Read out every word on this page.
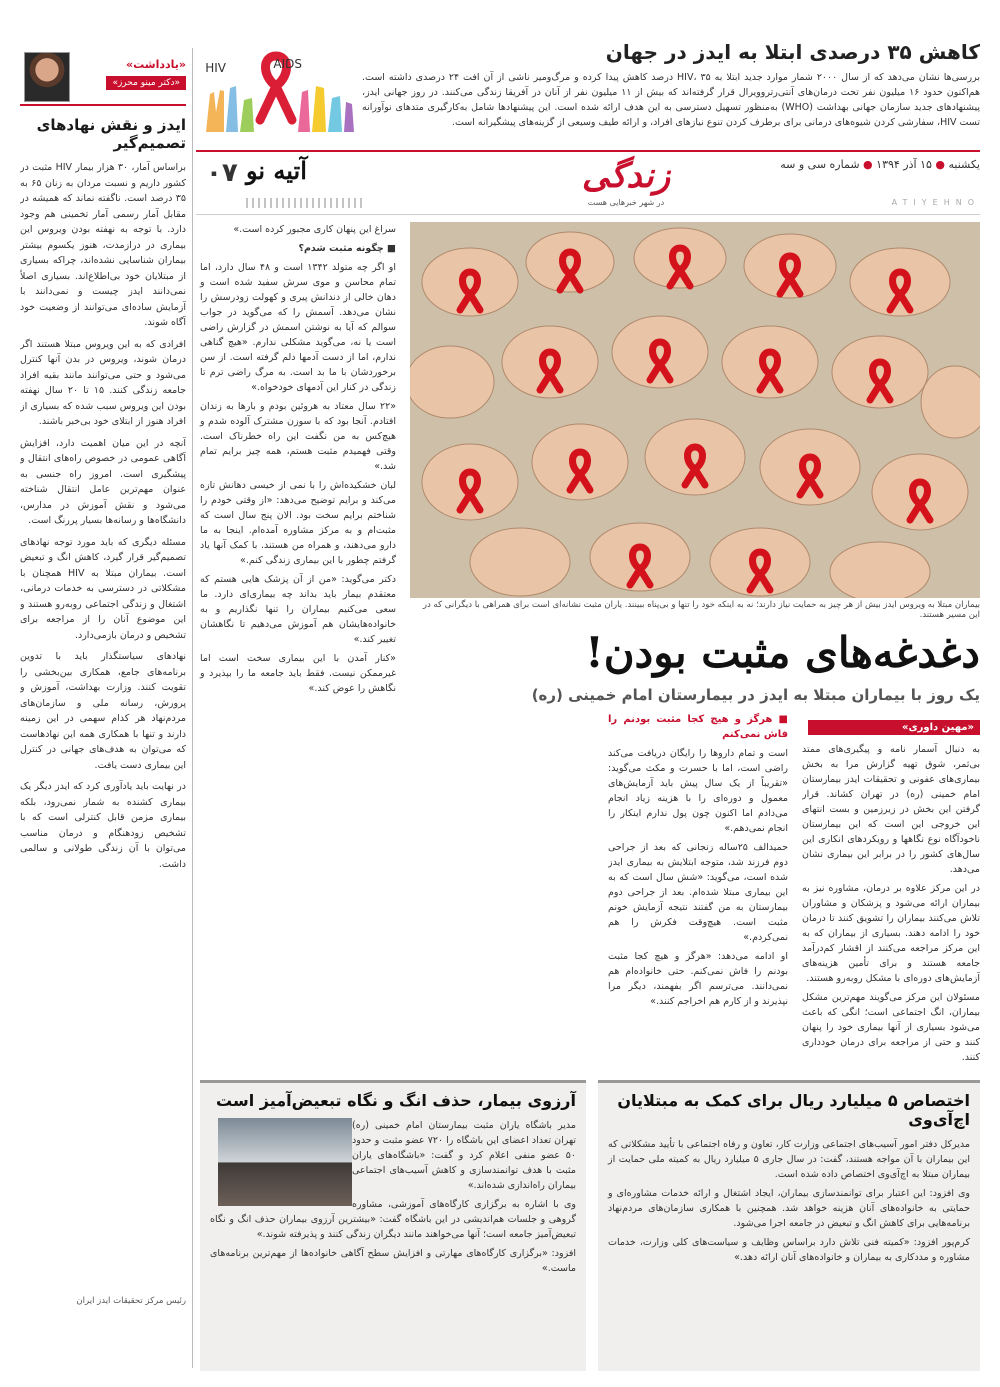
«یادداشت»
«دکتر مینو محرز»
ایدز و نقش نهادهای تصمیم‌گیر

براساس آمار، ۳۰ هزار بیمار HIV مثبت در کشور داریم و نسبت مردان به زنان ۶۵ به ۳۵ درصد است. ناگفته نماند که همیشه در مقابل آمار رسمی آمار تخمینی هم وجود دارد. با توجه به نهفته بودن ویروس این بیماری در درازمدت، هنوز یکسوم بیشتر بیماران شناسایی نشده‌اند، چراکه بسیاری از مبتلایان خود بی‌اطلاع‌اند. بسیاری اصلاً نمی‌دانند ایدز چیست و نمی‌دانند با آزمایش ساده‌ای می‌توانند از وضعیت خود آگاه شوند.

افرادی که به این ویروس مبتلا هستند اگر درمان شوند، ویروس در بدن آنها کنترل می‌شود و حتی می‌توانند مانند بقیه افراد جامعه زندگی کنند. ۱۵ تا ۲۰ سال نهفته بودن این ویروس سبب شده که بسیاری از افراد هنوز از ابتلای خود بی‌خبر باشند.

آنچه در این میان اهمیت دارد، افزایش آگاهی عمومی در خصوص راه‌های انتقال و پیشگیری است. امروز راه جنسی به عنوان مهم‌ترین عامل انتقال شناخته می‌شود و نقش آموزش در مدارس، دانشگاه‌ها و رسانه‌ها بسیار پررنگ است.

مسئله دیگری که باید مورد توجه نهادهای تصمیم‌گیر قرار گیرد، کاهش انگ و تبعیض است. بیماران مبتلا به HIV همچنان با مشکلاتی در دسترسی به خدمات درمانی، اشتغال و زندگی اجتماعی روبه‌رو هستند و این موضوع آنان را از مراجعه برای تشخیص و درمان بازمی‌دارد.

نهادهای سیاستگذار باید با تدوین برنامه‌های جامع، همکاری بین‌بخشی را تقویت کنند. وزارت بهداشت، آموزش و پرورش، رسانه ملی و سازمان‌های مردم‌نهاد هر کدام سهمی در این زمینه دارند و تنها با همکاری همه این نهادهاست که می‌توان به هدف‌های جهانی در کنترل این بیماری دست یافت.

در نهایت باید یادآوری کرد که ایدز دیگر یک بیماری کشنده به شمار نمی‌رود، بلکه بیماری مزمن قابل کنترلی است که با تشخیص زودهنگام و درمان مناسب می‌توان با آن زندگی طولانی و سالمی داشت.

رئیس مرکز تحقیقات ایدز ایران
کاهش ۳۵ درصدی ابتلا به ایدز در جهان
بررسی‌ها نشان می‌دهد که از سال ۲۰۰۰ شمار موارد جدید ابتلا به HIV، ۳۵ درصد کاهش پیدا کرده و مرگ‌ومیر ناشی از آن افت ۲۴ درصدی داشته است. هم‌اکنون حدود ۱۶ میلیون نفر تحت درمان‌های آنتی‌رتروویرال قرار گرفته‌اند که بیش از ۱۱ میلیون نفر از آنان در آفریقا زندگی می‌کنند. در روز جهانی ایدز، پیشنهادهای جدید سازمان جهانی بهداشت (WHO) به‌منظور تسهیل دسترسی به این هدف ارائه شده است. این پیشنهادها شامل به‌کارگیری متدهای نوآورانه تست HIV، سفارشی کردن شیوه‌های درمانی برای برطرف کردن تنوع نیازهای افراد، و ارائه طیف وسیعی از گزینه‌های پیشگیرانه است.
HIV	AIDS
یکشنبه ● ۱۵ آذر ۱۳۹۴ ● شماره سی و سه
زندگی
در شهر خبرهایی هست
آتیه نو
۰۷
ATIYEHNO
بیماران مبتلا به ویروس ایدز بیش از هر چیز به حمایت نیاز دارند؛ نه به اینکه خود را تنها و بی‌پناه ببینند. یاران مثبت نشانه‌ای است برای همراهی با دیگرانی که در این مسیر هستند.

سراغ این پنهان کاری مجبور کرده است.»

■ چگونه مثبت شدم؟

او اگر چه متولد ۱۳۴۲ است و ۴۸ سال دارد، اما تمام محاسن و موی سرش سفید شده است و دهان خالی از دندانش پیری و کهولت زودرسش را نشان می‌دهد. آسمش را که می‌گوید در جواب سوالم که آیا به نوشتن اسمش در گزارش راضی است یا نه، می‌گوید مشکلی ندارم. «هیچ گناهی ندارم، اما از دست آدمها دلم گرفته است. از سن برخوردشان با ما بد است. به مرگ راضی ترم تا زندگی در کنار این آدمهای خودخواه.»

«۲۲ سال معتاد به هروئین بودم و بارها به زندان افتادم. آنجا بود که با سوزن مشترک آلوده شدم و هیچ‌کس به من نگفت این راه خطرناک است. وقتی فهمیدم مثبت هستم، همه چیز برایم تمام شد.»

لبان خشکیده‌اش را با نمی از خیسی دهانش تازه می‌کند و برایم توضیح می‌دهد: «از وقتی خودم را شناختم برایم سخت بود. الان پنج سال است که مثبت‌ام و به مرکز مشاوره آمده‌ام. اینجا به ما دارو می‌دهند، و همراه من هستند. با کمک آنها یاد گرفتم چطور با این بیماری زندگی کنم.»

دکتر می‌گوید: «من از آن پزشک هایی هستم که معتقدم بیمار باید بداند چه بیماری‌ای دارد. ما سعی می‌کنیم بیماران را تنها نگذاریم و به خانواده‌هایشان هم آموزش می‌دهیم تا نگاهشان تغییر کند.»

«کنار آمدن با این بیماری سخت است اما غیرممکن نیست. فقط باید جامعه ما را بپذیرد و نگاهش را عوض کند.»

دغدغه‌های مثبت بودن!
یک روز با بیماران مبتلا به ایدز در بیمارستان امام خمینی (ره)
«مهین داوری»

به دنبال آسمار نامه و پیگیری‌های ممتد بی‌ثمر، شوق تهیه گزارش مرا به بخش بیماری‌های عفونی و تحقیقات ایدز بیمارستان امام خمینی (ره) در تهران کشاند. قرار گرفتن این بخش در زیرزمین و بست انتهای این خروجی این است که این بیمارستان ناخودآگاه نوع نگاهها و رویکردهای انکاری این سال‌های کشور را در برابر این بیماری نشان می‌دهد.

در این مرکز علاوه بر درمان، مشاوره نیز به بیماران ارائه می‌شود و پزشکان و مشاوران تلاش می‌کنند بیماران را تشویق کنند تا درمان خود را ادامه دهند. بسیاری از بیماران که به این مرکز مراجعه می‌کنند از اقشار کم‌درآمد جامعه هستند و برای تأمین هزینه‌های آزمایش‌های دوره‌ای با مشکل روبه‌رو هستند.

مسئولان این مرکز می‌گویند مهم‌ترین مشکل بیماران، انگ اجتماعی است؛ انگی که باعث می‌شود بسیاری از آنها بیماری خود را پنهان کنند و حتی از مراجعه برای درمان خودداری کنند.

■ هرگز و هیچ کجا مثبت بودنم را فاش نمی‌کنم

است و تمام داروها را رایگان دریافت می‌کند راضی است، اما با حسرت و مکث می‌گوید: «تقریباً از یک سال پیش باید آزمایش‌های معمول و دوره‌ای را با هزینه زیاد انجام می‌دادم اما اکنون چون پول ندارم اینکار را انجام نمی‌دهم.»

حمیدالف ۲۵ساله زنجانی که بعد از جراحی دوم فرزند شد، متوجه ابتلایش به بیماری ایدز شده است، می‌گوید: «شش سال است که به این بیماری مبتلا شده‌ام. بعد از جراحی دوم بیمارستان به من گفتند نتیجه آزمایش خونم مثبت است. هیچ‌وقت فکرش را هم نمی‌کردم.»

او ادامه می‌دهد: «هرگز و هیچ کجا مثبت بودنم را فاش نمی‌کنم. حتی خانواده‌ام هم نمی‌دانند. می‌ترسم اگر بفهمند، دیگر مرا نپذیرند و از کارم هم اخراجم کنند.»

اختصاص ۵ میلیارد ریال برای کمک به مبتلایان اچ‌آی‌وی

مدیرکل دفتر امور آسیب‌های اجتماعی وزارت کار، تعاون و رفاه اجتماعی با تأیید مشکلاتی که این بیماران با آن مواجه هستند، گفت: در سال جاری ۵ میلیارد ریال به کمیته ملی حمایت از بیماران مبتلا به اچ‌آی‌وی اختصاص داده شده است.

وی افزود: این اعتبار برای توانمندسازی بیماران، ایجاد اشتغال و ارائه خدمات مشاوره‌ای و حمایتی به خانواده‌های آنان هزینه خواهد شد. همچنین با همکاری سازمان‌های مردم‌نهاد برنامه‌هایی برای کاهش انگ و تبعیض در جامعه اجرا می‌شود.

کرم‌پور افزود: «کمیته فنی تلاش دارد براساس وظایف و سیاست‌های کلی وزارت، خدمات مشاوره و مددکاری به بیماران و خانواده‌های آنان ارائه دهد.»

آرزوی بیمار، حذف انگ و نگاه تبعیض‌آمیز است

مدیر باشگاه یاران مثبت بیمارستان امام خمینی (ره) تهران تعداد اعضای این باشگاه را ۷۲۰ عضو مثبت و حدود ۵۰ عضو منفی اعلام کرد و گفت: «باشگاه‌های یاران مثبت با هدف توانمندسازی و کاهش آسیب‌های اجتماعی بیماران راه‌اندازی شده‌اند.»

وی با اشاره به برگزاری کارگاه‌های آموزشی، مشاوره گروهی و جلسات هم‌اندیشی در این باشگاه گفت: «بیشترین آرزوی بیماران حذف انگ و نگاه تبعیض‌آمیز جامعه است؛ آنها می‌خواهند مانند دیگران زندگی کنند و پذیرفته شوند.»

افزود: «برگزاری کارگاه‌های مهارتی و افزایش سطح آگاهی خانواده‌ها از مهم‌ترین برنامه‌های ماست.»
